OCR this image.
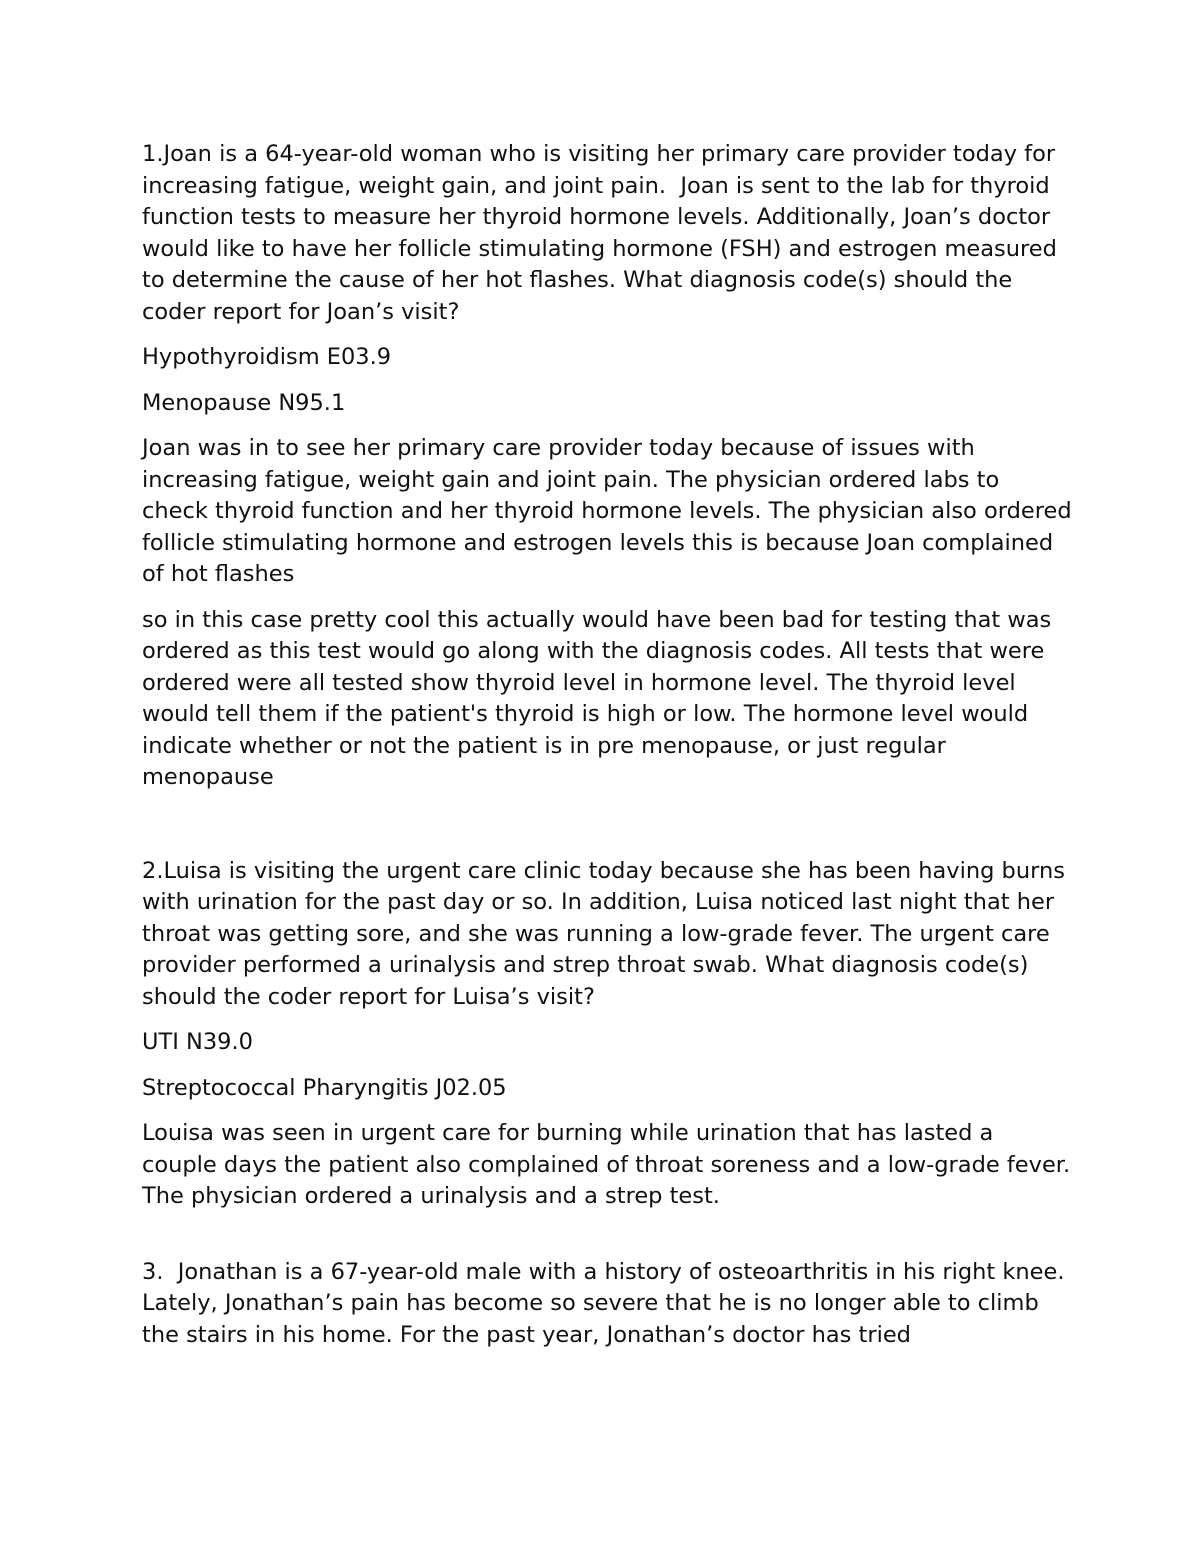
1.Joan is a 64-year-old woman who is visiting her primary care provider today for increasing fatigue, weight gain, and joint pain.  Joan is sent to the lab for thyroid function tests to measure her thyroid hormone levels. Additionally, Joan’s doctor would like to have her follicle stimulating hormone (FSH) and estrogen measured to determine the cause of her hot flashes. What diagnosis code(s) should the coder report for Joan’s visit?

Hypothyroidism E03.9

Menopause N95.1

Joan was in to see her primary care provider today because of issues with increasing fatigue, weight gain and joint pain. The physician ordered labs to check thyroid function and her thyroid hormone levels. The physician also ordered follicle stimulating hormone and estrogen levels this is because Joan complained of hot flashes

so in this case pretty cool this actually would have been bad for testing that was ordered as this test would go along with the diagnosis codes. All tests that were ordered were all tested show thyroid level in hormone level. The thyroid level would tell them if the patient's thyroid is high or low. The hormone level would indicate whether or not the patient is in pre menopause, or just regular menopause

2.Luisa is visiting the urgent care clinic today because she has been having burns with urination for the past day or so. In addition, Luisa noticed last night that her throat was getting sore, and she was running a low-grade fever. The urgent care provider performed a urinalysis and strep throat swab. What diagnosis code(s) should the coder report for Luisa’s visit?

UTI N39.0

Streptococcal Pharyngitis J02.05

Louisa was seen in urgent care for burning while urination that has lasted a couple days the patient also complained of throat soreness and a low-grade fever. The physician ordered a urinalysis and a strep test.

3.  Jonathan is a 67-year-old male with a history of osteoarthritis in his right knee. Lately, Jonathan’s pain has become so severe that he is no longer able to climb the stairs in his home. For the past year, Jonathan’s doctor has tried
